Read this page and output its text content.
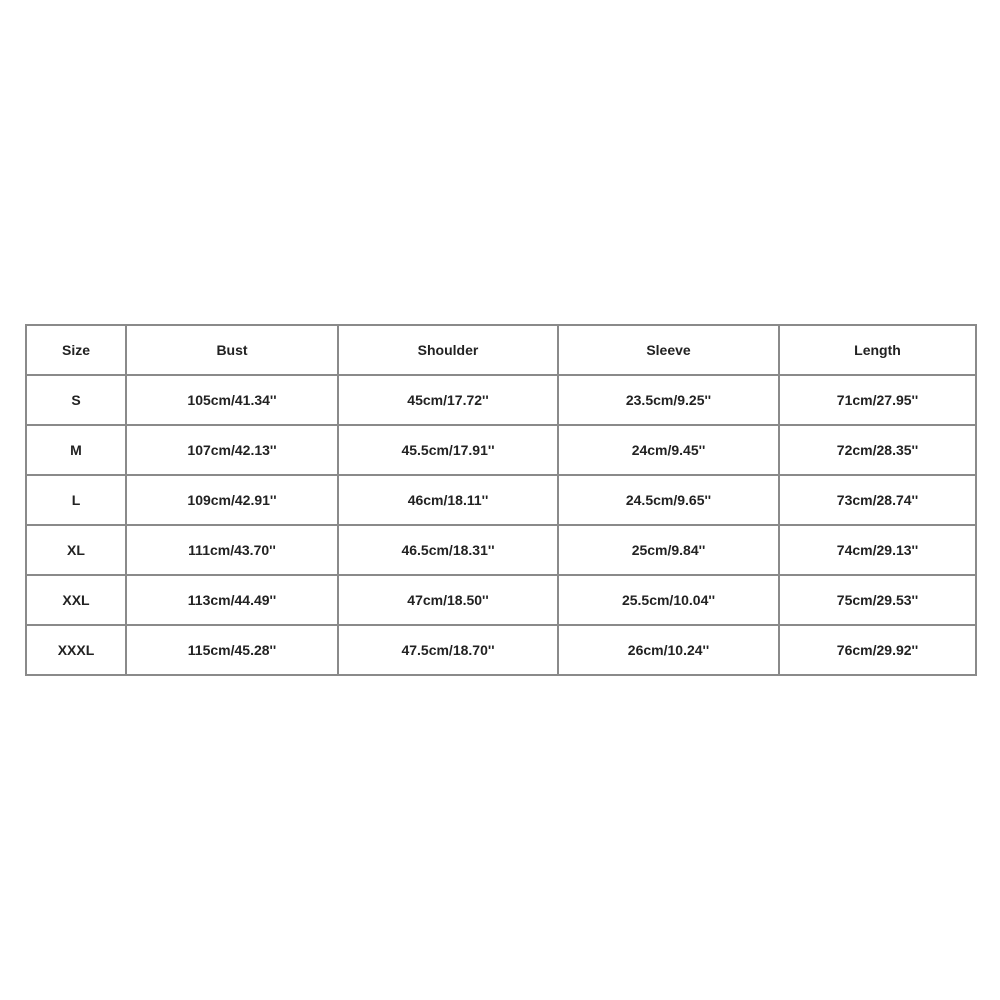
Size	Bust	Shoulder	Sleeve	Length
S	105cm/41.34''	45cm/17.72''	23.5cm/9.25''	71cm/27.95''
M	107cm/42.13''	45.5cm/17.91''	24cm/9.45''	72cm/28.35''
L	109cm/42.91''	46cm/18.11''	24.5cm/9.65''	73cm/28.74''
XL	111cm/43.70''	46.5cm/18.31''	25cm/9.84''	74cm/29.13''
XXL	113cm/44.49''	47cm/18.50''	25.5cm/10.04''	75cm/29.53''
XXXL	115cm/45.28''	47.5cm/18.70''	26cm/10.24''	76cm/29.92''
